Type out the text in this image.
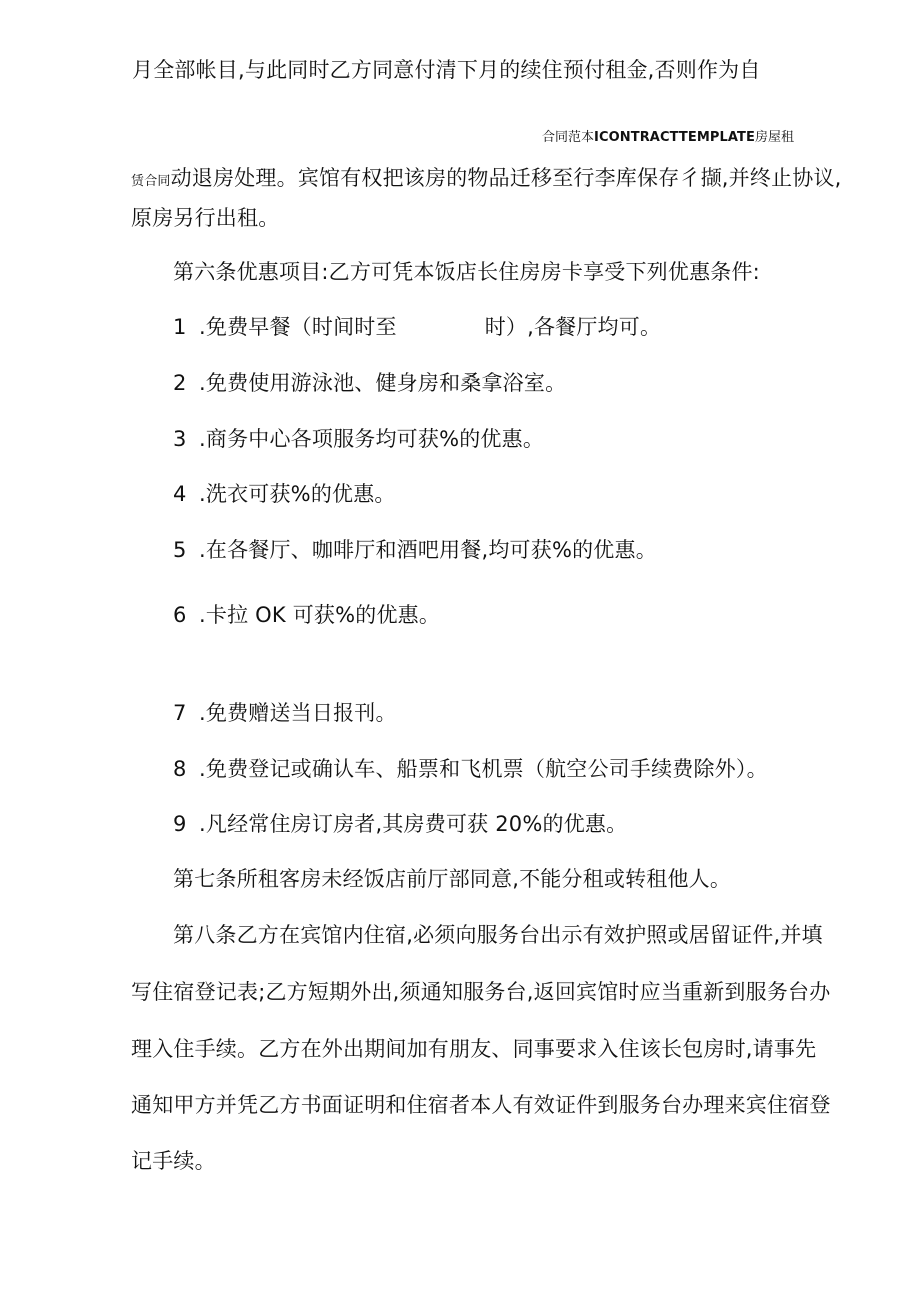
月全部帐目,与此同时乙方同意付清下月的续住预付租金,否则作为自
合同范本ICONTRACTTEMPLATE房屋租
赁合同动退房处理。宾馆有权把该房的物品迁移至行李库保存彳撷,并终止协议,
原房另行出租。
第六条优惠项目:乙方可凭本饭店长住房房卡享受下列优惠条件:
1 .免费早餐（时间时至	时）,各餐厅均可。
2 .免费使用游泳池、健身房和桑拿浴室。
3 .商务中心各项服务均可获%的优惠。
4 .洗衣可获%的优惠。
5 .在各餐厅、咖啡厅和酒吧用餐,均可获%的优惠。
6 .卡拉 OK 可获%的优惠。
7 .免费赠送当日报刊。
8 .免费登记或确认车、船票和飞机票（航空公司手续费除外）。
9 .凡经常住房订房者,其房费可获 20%的优惠。
第七条所租客房未经饭店前厅部同意,不能分租或转租他人。
第八条乙方在宾馆内住宿,必须向服务台出示有效护照或居留证件,并填
写住宿登记表;乙方短期外出,须通知服务台,返回宾馆时应当重新到服务台办
理入住手续。乙方在外出期间加有朋友、同事要求入住该长包房时,请事先
通知甲方并凭乙方书面证明和住宿者本人有效证件到服务台办理来宾住宿登
记手续。
